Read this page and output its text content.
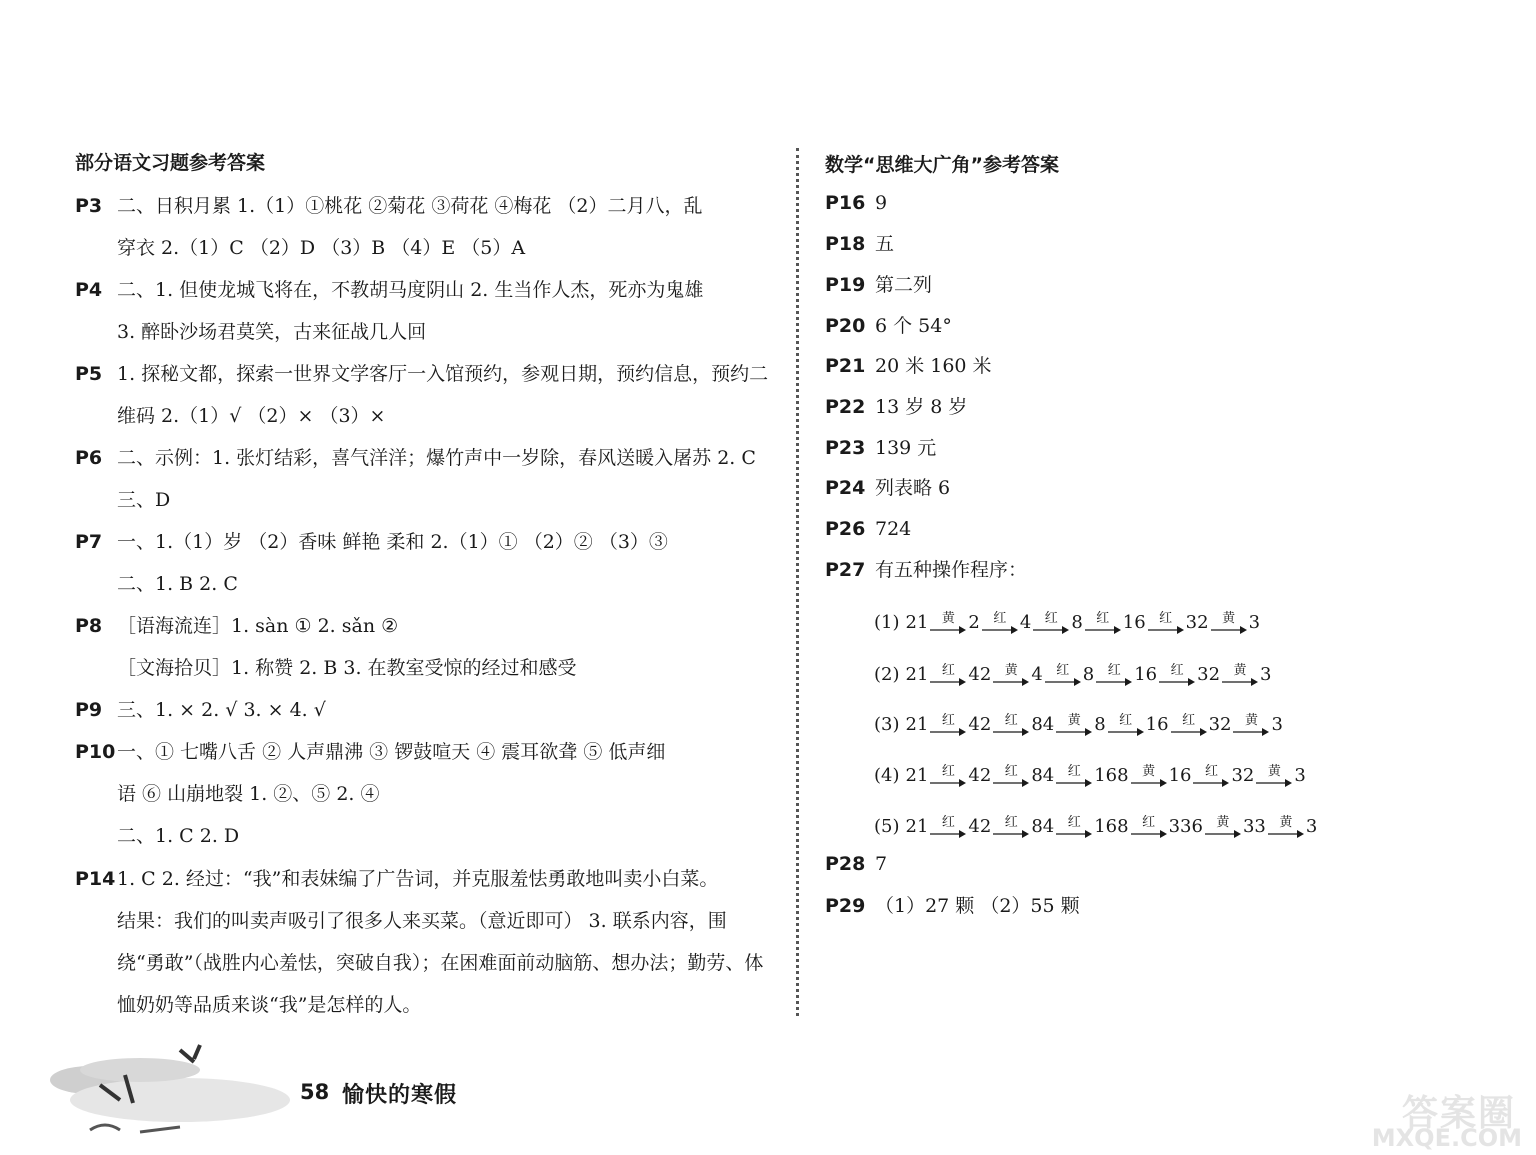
部分语文习题参考答案
P3 二、日积月累 1.（1）①桃花 ②菊花 ③荷花 ④梅花 （2）二月八，乱
穿衣 2.（1）C （2）D （3）B （4）E （5）A
P4 二、1. 但使龙城飞将在，不教胡马度阴山 2. 生当作人杰，死亦为鬼雄
3. 醉卧沙场君莫笑，古来征战几人回
P5 1. 探秘文都，探索一世界文学客厅一入馆预约，参观日期，预约信息，预约二
维码 2.（1）√ （2）× （3）×
P6 二、示例：1. 张灯结彩，喜气洋洋；爆竹声中一岁除，春风送暖入屠苏 2. C
三、D
P7 一、1.（1）岁 （2）香味 鲜艳 柔和 2.（1）① （2）② （3）③
二、1. B 2. C
P8 ［语海流连］1. sàn ① 2. sǎn ②
［文海拾贝］1. 称赞 2. B 3. 在教室受惊的经过和感受
P9 三、1. × 2. √ 3. × 4. √
P10一、① 七嘴八舌 ② 人声鼎沸 ③ 锣鼓喧天 ④ 震耳欲聋 ⑤ 低声细
语 ⑥ 山崩地裂 1. ②、⑤ 2. ④
二、1. C 2. D
P141. C 2. 经过：“我”和表妹编了广告词，并克服羞怯勇敢地叫卖小白菜。
结果：我们的叫卖声吸引了很多人来买菜。（意近即可） 3. 联系内容，围
绕“勇敢”（战胜内心羞怯，突破自我）；在困难面前动脑筋、想办法；勤劳、体
恤奶奶等品质来谈“我”是怎样的人。
数学“思维大广角”参考答案
P16 9
P18 五
P19 第二列
P20 6 个 54°
P21 20 米 160 米
P22 13 岁 8 岁
P23 139 元
P24 列表略 6
P26 724
P27 有五种操作程序：
P28 7
P29 （1）27 颗 （2）55 颗
(1) 21 黄 2 红 4 红 8 红 16 红 32 黄 3
(2) 21 红 42 黄 4 红 8 红 16 红 32 黄 3
(3) 21 红 42 红 84 黄 8 红 16 红 32 黄 3
(4) 21 红 42 红 84 红 168 黄 16 红 32 黄 3
(5) 21 红 42 红 84 红 168 红 336 黄 33 黄 3
58 愉快的寒假	答案圈
MXQE.COM
